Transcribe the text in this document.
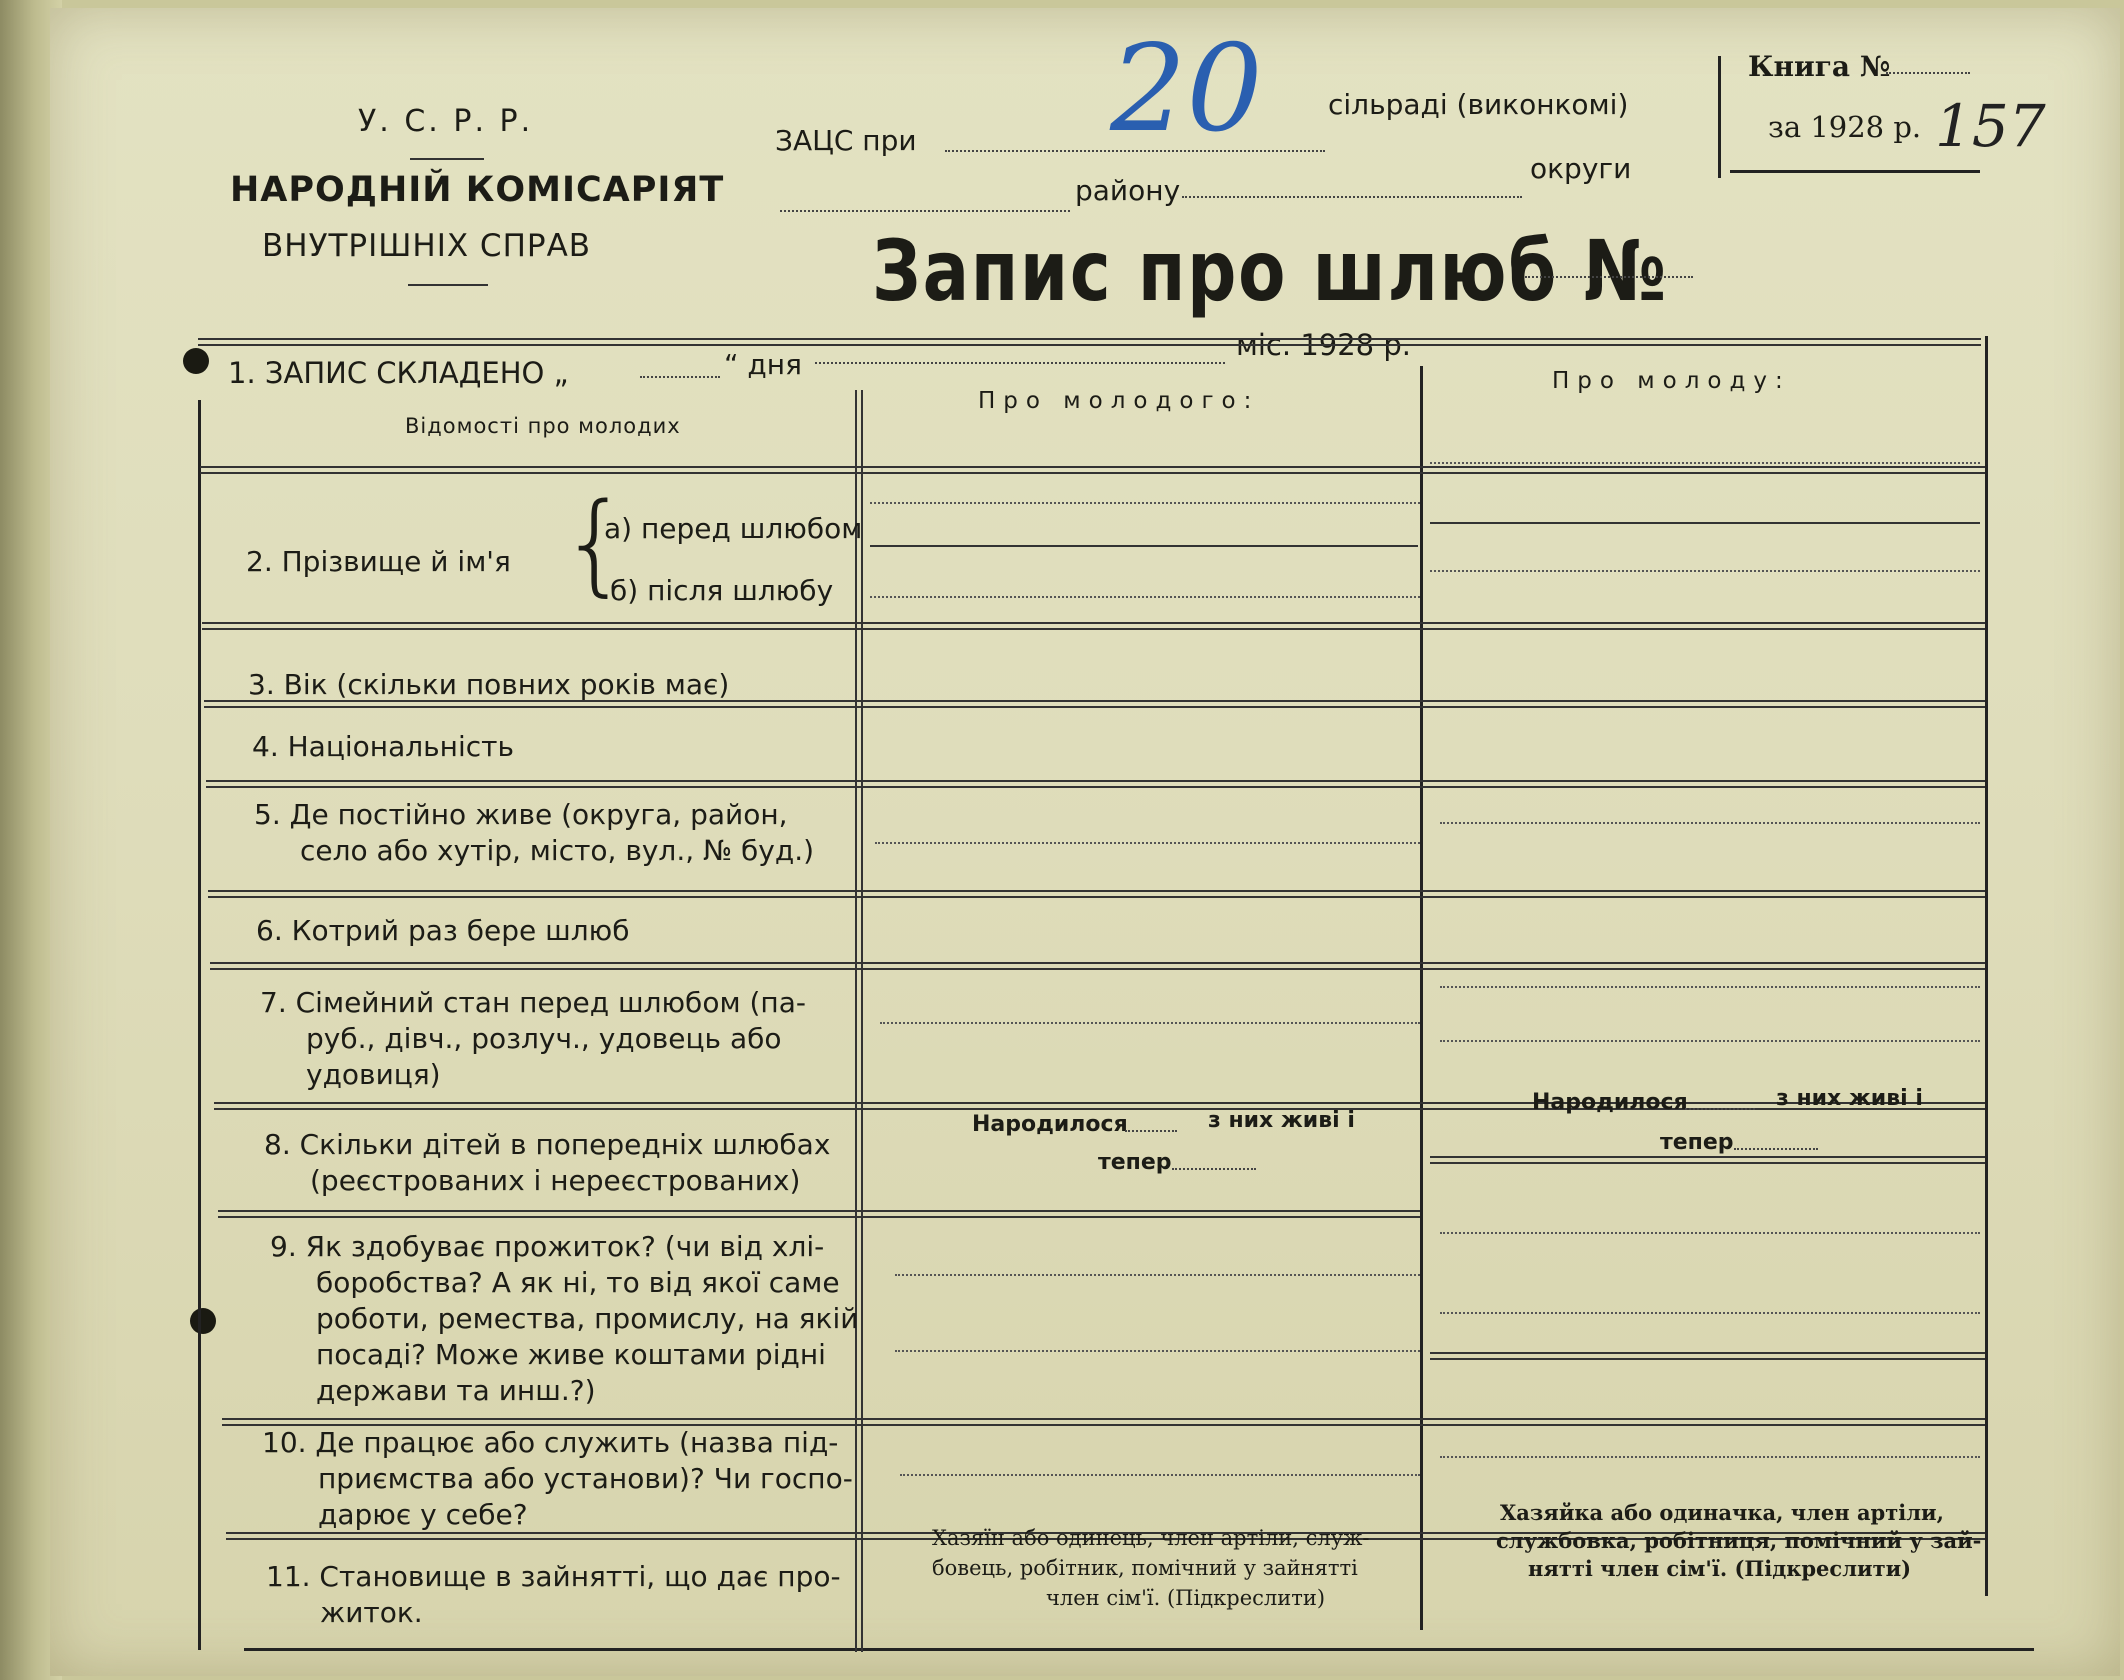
У. С. Р. Р.
НАРОДНІЙ КОМІСАРІЯТ
ВНУТРІШНІХ СПРАВ
ЗАЦС при 20 сільраді (виконкомі)
району
округи
Книга №
за 1928 р. 157
Запис про шлюб №
1. ЗАПИС СКЛАДЕНО „	“ дня
міс. 1928 р.
Відомості про молодих
Про молодого:
Про молоду:
2. Прізвище й ім'я {
а) перед шлюбом
б) після шлюбу
3. Вік (скільки повних років має)
4. Національність
5. Де постійно живе (округа, район,
село або хутір, місто, вул., № буд.)
6. Котрий раз бере шлюб
7. Сімейний стан перед шлюбом (па-
руб., дівч., розлуч., удовець або
удовиця)
8. Скільки дітей в попередніх шлюбах
(реєстрованих і нереєстрованих)
Народилося	з них живі і
тепер
Народилося	з них живі і
тепер
9. Як здобуває прожиток? (чи від хлі-
боробства? А як ні, то від якої саме
роботи, ремества, промислу, на якій
посаді? Може живе коштами рідні
держави та инш.?)
10. Де працює або служить (назва під-
приємства або установи)? Чи госпо-
дарює у себе?
11. Становище в зайнятті, що дає про-
житок.
Хазяїн або одинець, член артіли, служ-
бовець, робітник, помічний у зайнятті
член сім'ї. (Підкреслити)
Хазяйка або одиначка, член артіли,
службовка, робітниця, помічний у зай-
нятті член сім'ї. (Підкреслити)
